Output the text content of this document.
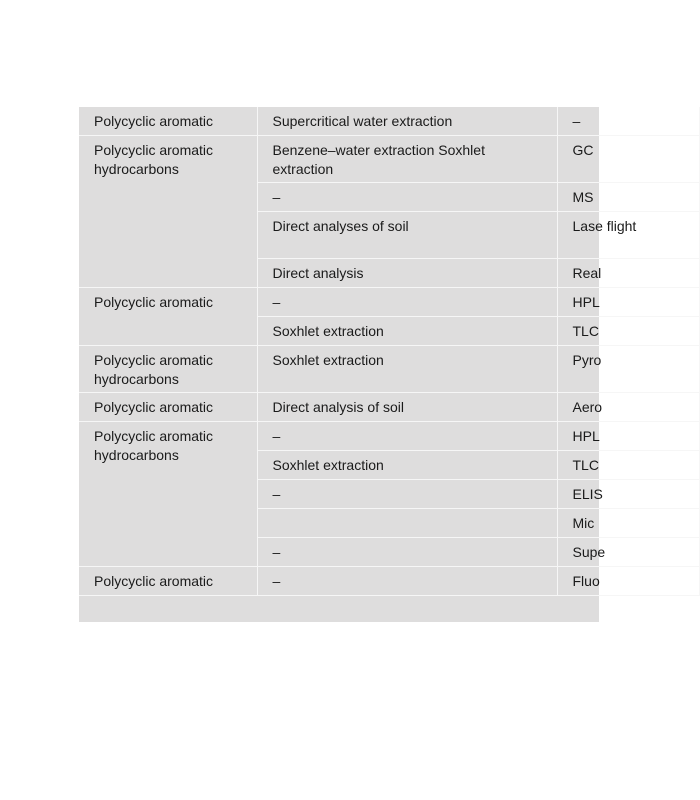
Polycyclic aromatic	Supercritical water extraction	–
Polycyclic aromatic hydrocarbons	Benzene–water extraction Soxhlet extraction	GC
	–	MS
	Direct analyses of soil	Lase flight
	Direct analysis	Real
Polycyclic aromatic	–	HPL
	Soxhlet extraction	TLC
Polycyclic aromatic hydrocarbons	Soxhlet extraction	Pyro
Polycyclic aromatic	Direct analysis of soil	Aero
Polycyclic aromatic hydrocarbons	–	HPL
	Soxhlet extraction	TLC
	–	ELIS
		Mic
	–	Supe
Polycyclic aromatic	–	Fluo
